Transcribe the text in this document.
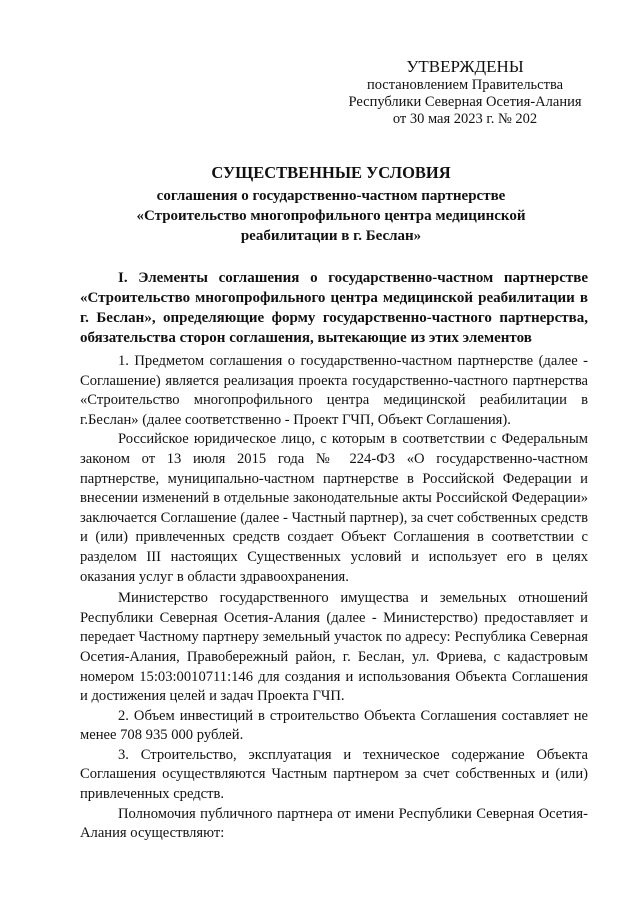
УТВЕРЖДЕНЫ
постановлением Правительства
Республики Северная Осетия-Алания
от 30 мая 2023 г. № 202
СУЩЕСТВЕННЫЕ УСЛОВИЯ
соглашения о государственно-частном партнерстве
«Строительство многопрофильного центра медицинской
реабилитации в г. Беслан»
I. Элементы соглашения о государственно-частном партнерстве «Строительство многопрофильного центра медицинской реабилитации в г. Беслан», определяющие форму государственно-частного партнерства, обязательства сторон соглашения, вытекающие из этих элементов

1. Предметом соглашения о государственно-частном партнерстве (далее - Соглашение) является реализация проекта государственно-частного партнерства «Строительство многопрофильного центра медицинской реабилитации в г.Беслан» (далее соответственно - Проект ГЧП, Объект Соглашения).

Российское юридическое лицо, с которым в соответствии с Федеральным законом от 13 июля 2015 года № 224-ФЗ «О государственно-частном партнерстве, муниципально-частном партнерстве в Российской Федерации и внесении изменений в отдельные законодательные акты Российской Федерации» заключается Соглашение (далее - Частный партнер), за счет собственных средств и (или) привлеченных средств создает Объект Соглашения в соответствии с разделом III настоящих Существенных условий и использует его в целях оказания услуг в области здравоохранения.

Министерство государственного имущества и земельных отношений Республики Северная Осетия-Алания (далее - Министерство) предоставляет и передает Частному партнеру земельный участок по адресу: Республика Северная Осетия-Алания, Правобережный район, г. Беслан, ул. Фриева, с кадастровым номером 15:03:0010711:146 для создания и использования Объекта Соглашения и достижения целей и задач Проекта ГЧП.

2. Объем инвестиций в строительство Объекта Соглашения составляет не менее 708 935 000 рублей.

3. Строительство, эксплуатация и техническое содержание Объекта Соглашения осуществляются Частным партнером за счет собственных и (или) привлеченных средств.

Полномочия публичного партнера от имени Республики Северная Осетия-Алания осуществляют:
